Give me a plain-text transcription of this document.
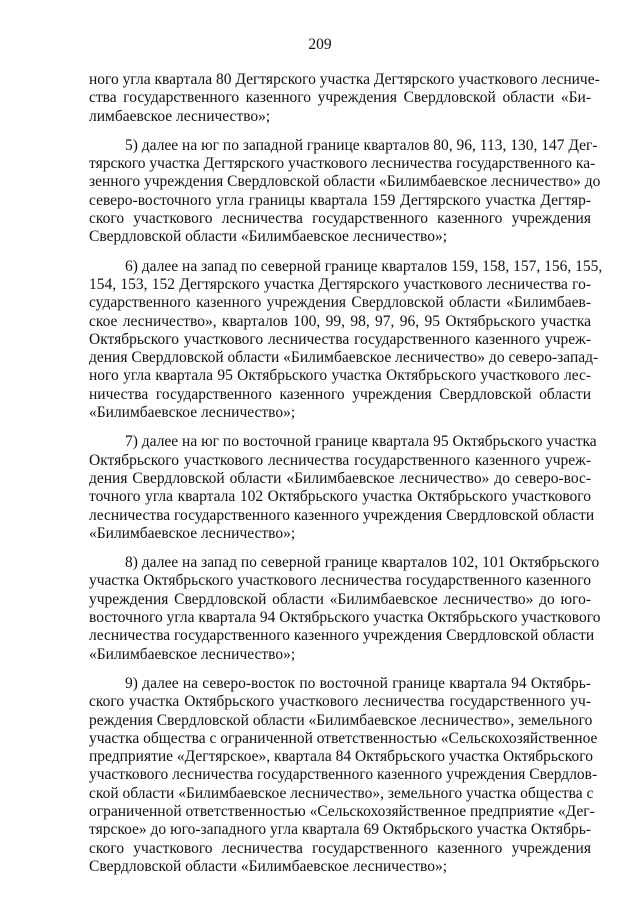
209

ного угла квартала 80 Дегтярского участка Дегтярского участкового лесниче-
ства государственного казенного учреждения Свердловской области «Би-
лимбаевское лесничество»;

5) далее на юг по западной границе кварталов 80, 96, 113, 130, 147 Дег-
тярского участка Дегтярского участкового лесничества государственного ка-
зенного учреждения Свердловской области «Билимбаевское лесничество» до
северо-восточного угла границы квартала 159 Дегтярского участка Дегтяр-
ского участкового лесничества государственного казенного учреждения
Свердловской области «Билимбаевское лесничество»;

6) далее на запад по северной границе кварталов 159, 158, 157, 156, 155,
154, 153, 152 Дегтярского участка Дегтярского участкового лесничества го-
сударственного казенного учреждения Свердловской области «Билимбаев-
ское лесничество», кварталов 100, 99, 98, 97, 96, 95 Октябрьского участка
Октябрьского участкового лесничества государственного казенного учреж-
дения Свердловской области «Билимбаевское лесничество» до северо-запад-
ного угла квартала 95 Октябрьского участка Октябрьского участкового лес-
ничества государственного казенного учреждения Свердловской области
«Билимбаевское лесничество»;

7) далее на юг по восточной границе квартала 95 Октябрьского участка
Октябрьского участкового лесничества государственного казенного учреж-
дения Свердловской области «Билимбаевское лесничество» до северо-вос-
точного угла квартала 102 Октябрьского участка Октябрьского участкового
лесничества государственного казенного учреждения Свердловской области
«Билимбаевское лесничество»;

8) далее на запад по северной границе кварталов 102, 101 Октябрьского
участка Октябрьского участкового лесничества государственного казенного
учреждения Свердловской области «Билимбаевское лесничество» до юго-
восточного угла квартала 94 Октябрьского участка Октябрьского участкового
лесничества государственного казенного учреждения Свердловской области
«Билимбаевское лесничество»;

9) далее на северо-восток по восточной границе квартала 94 Октябрь-
ского участка Октябрьского участкового лесничества государственного уч-
реждения Свердловской области «Билимбаевское лесничество», земельного
участка общества с ограниченной ответственностью «Сельскохозяйственное
предприятие «Дегтярское», квартала 84 Октябрьского участка Октябрьского
участкового лесничества государственного казенного учреждения Свердлов-
ской области «Билимбаевское лесничество», земельного участка общества с
ограниченной ответственностью «Сельскохозяйственное предприятие «Дег-
тярское» до юго-западного угла квартала 69 Октябрьского участка Октябрь-
ского участкового лесничества государственного казенного учреждения
Свердловской области «Билимбаевское лесничество»;
